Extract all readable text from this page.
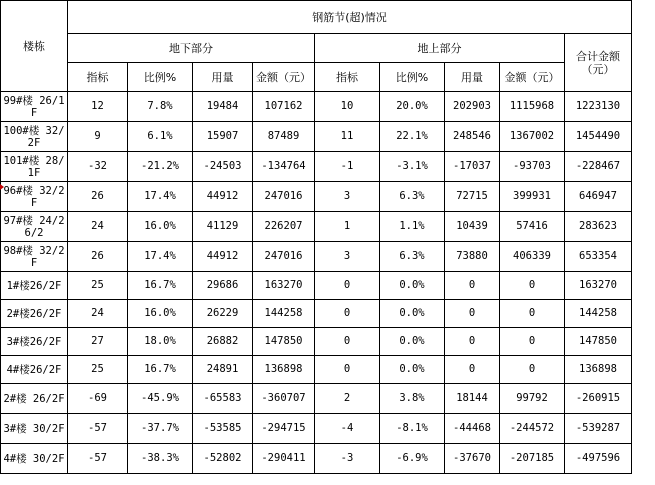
楼栋	钢筋节(超)情况								
	地下部分				地上部分				合计金额（元）
	指标	比例%	用量	金额（元）	指标	比例%	用量	金额（元）	
99#楼 26/1F	12	7.8%	19484	107162	10	20.0%	202903	1115968	1223130
100#楼 32/2F	9	6.1%	15907	87489	11	22.1%	248546	1367002	1454490
101#楼 28/1F	-32	-21.2%	-24503	-134764	-1	-3.1%	-17037	-93703	-228467
96#楼 32/2F	26	17.4%	44912	247016	3	6.3%	72715	399931	646947
97#楼 24/26/2	24	16.0%	41129	226207	1	1.1%	10439	57416	283623
98#楼 32/2F	26	17.4%	44912	247016	3	6.3%	73880	406339	653354
1#楼26/2F	25	16.7%	29686	163270	0	0.0%	0	0	163270
2#楼26/2F	24	16.0%	26229	144258	0	0.0%	0	0	144258
3#楼26/2F	27	18.0%	26882	147850	0	0.0%	0	0	147850
4#楼26/2F	25	16.7%	24891	136898	0	0.0%	0	0	136898
2#楼 26/2F	-69	-45.9%	-65583	-360707	2	3.8%	18144	99792	-260915
3#楼 30/2F	-57	-37.7%	-53585	-294715	-4	-8.1%	-44468	-244572	-539287
4#楼 30/2F	-57	-38.3%	-52802	-290411	-3	-6.9%	-37670	-207185	-497596
